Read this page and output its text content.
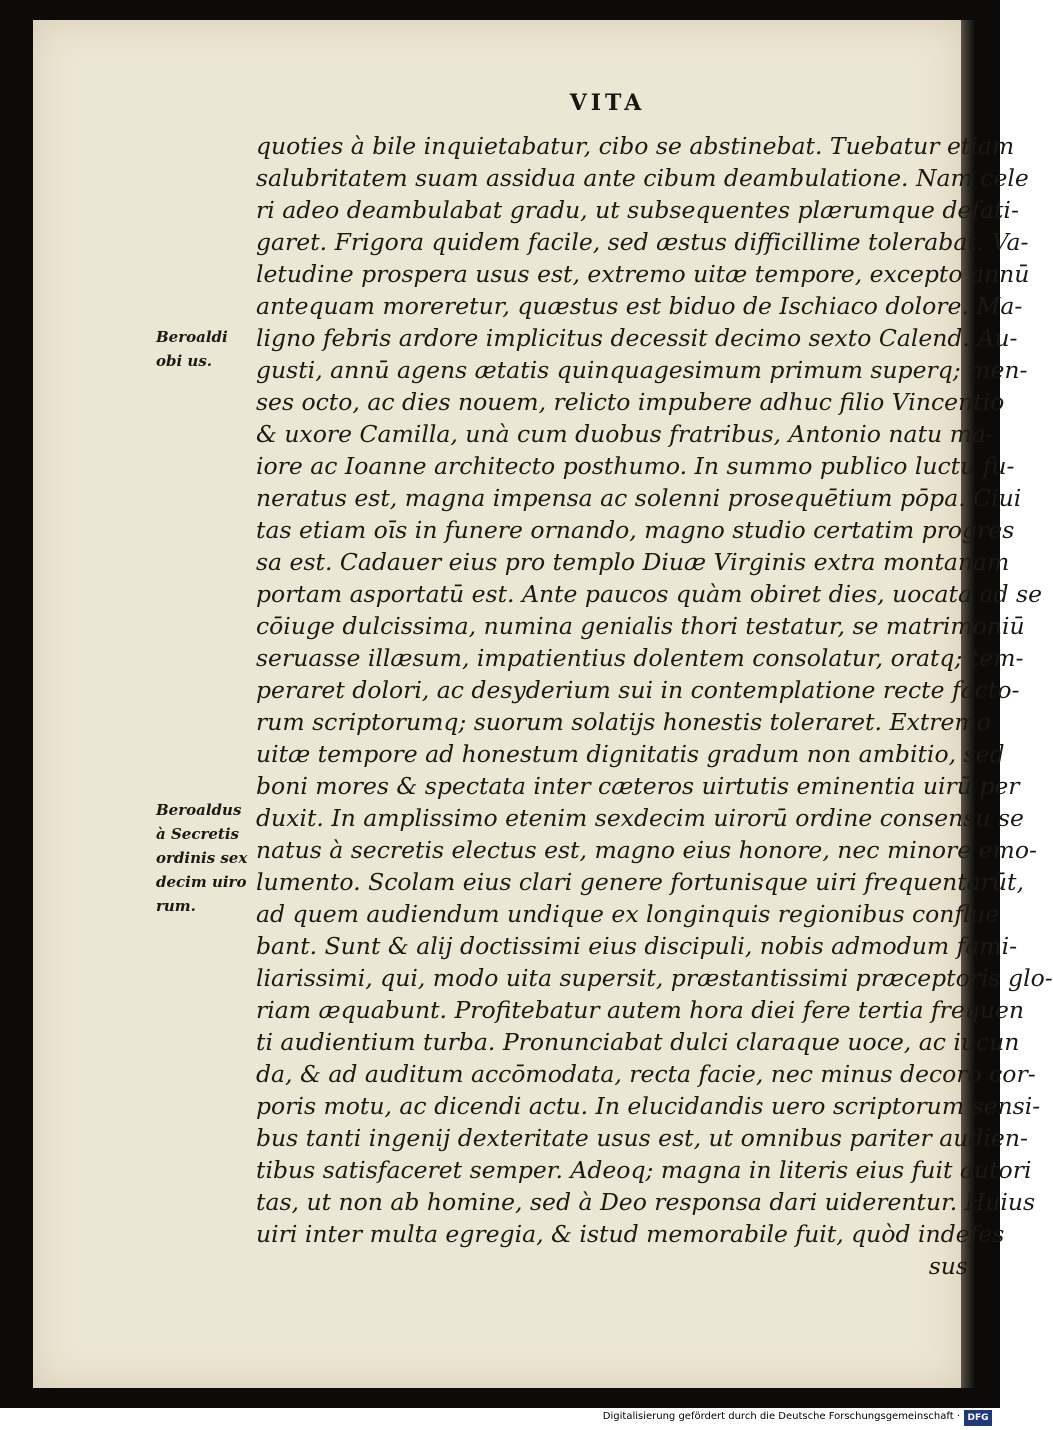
VITA
quoties à bile inquietabatur, cibo se abstinebat. Tuebatur etiam
salubritatem suam assidua ante cibum deambulatione. Nam cele
ri adeo deambulabat gradu, ut subsequentes plærumque defati-
garet. Frigora quidem facile, sed æstus difficillime tolerabat. Va-
letudine prospera usus est, extremo uitæ tempore, excepto annū
antequam moreretur, quæstus est biduo de Ischiaco dolore. Ma-
ligno febris ardore implicitus decessit decimo sexto Calend. Au-
gusti, annū agens ætatis quinquagesimum primum superq; men-
ses octo, ac dies nouem, relicto impubere adhuc filio Vincentio
& uxore Camilla, unà cum duobus fratribus, Antonio natu ma-
iore ac Ioanne architecto posthumo. In summo publico luctu fu-
neratus est, magna impensa ac solenni prosequētium pōpa. Ciui
tas etiam oīs in funere ornando, magno studio certatim progres
sa est. Cadauer eius pro templo Diuæ Virginis extra montanam
portam asportatū est. Ante paucos quàm obiret dies, uocata ad se
cōiuge dulcissima, numina genialis thori testatur, se matrimoniū
seruasse illæsum, impatientius dolentem consolatur, oratq; tem-
peraret dolori, ac desyderium sui in contemplatione recte facto-
rum scriptorumq; suorum solatijs honestis toleraret. Extremo
uitæ tempore ad honestum dignitatis gradum non ambitio, sed
boni mores & spectata inter cæteros uirtutis eminentia uirū per
duxit. In amplissimo etenim sexdecim uirorū ordine consensu se
natus à secretis electus est, magno eius honore, nec minore emo-
lumento. Scolam eius clari genere fortunisque uiri frequentarūt,
ad quem audiendum undique ex longinquis regionibus conflue
bant. Sunt & alij doctissimi eius discipuli, nobis admodum fami-
liarissimi, qui, modo uita supersit, præstantissimi præceptoris glo-
riam æquabunt. Profitebatur autem hora diei fere tertia frequen
ti audientium turba. Pronunciabat dulci claraque uoce, ac iucun
da, & ad auditum accōmodata, recta facie, nec minus decoro cor-
poris motu, ac dicendi actu. In elucidandis uero scriptorum sensi-
bus tanti ingenij dexteritate usus est, ut omnibus pariter audien-
tibus satisfaceret semper. Adeoq; magna in literis eius fuit autori
tas, ut non ab homine, sed à Deo responsa dari uiderentur. Huius
uiri inter multa egregia, & istud memorabile fuit, quòd indefes
sus
Beroaldi
obi us.
Beroaldus
à Secretis
ordinis sex
decim uiro
rum.
Digitalisierung gefördert durch die Deutsche Forschungsgemeinschaft · DFG
